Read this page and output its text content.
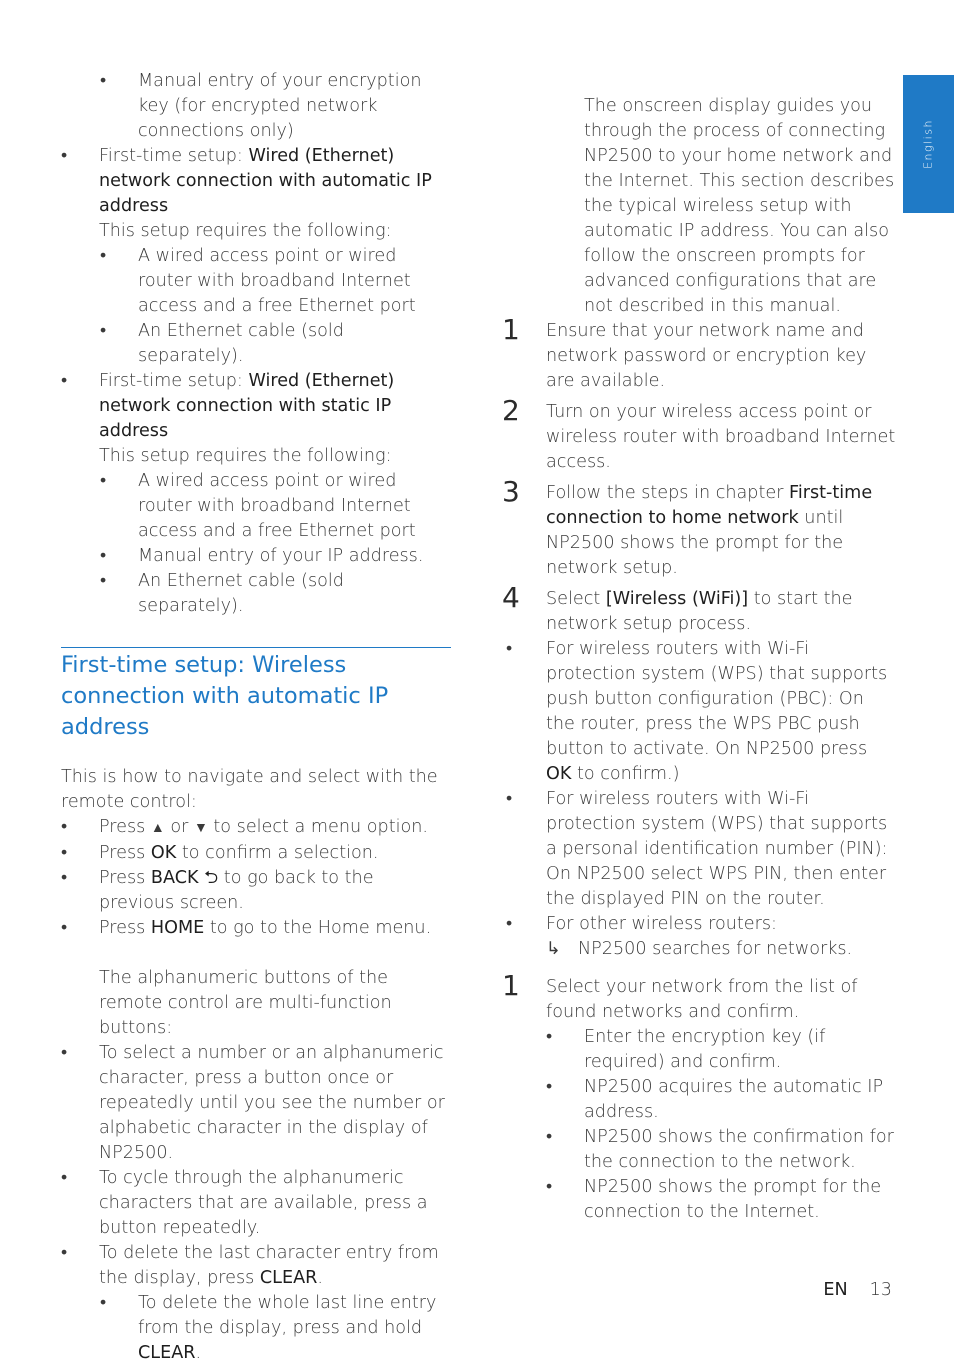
English
•	Manual entry of your encryption key (for encrypted network connections only)
•	First-time setup: Wired (Ethernet) network connection with automatic IP address
This setup requires the following:
•	A wired access point or wired router with broadband Internet access and a free Ethernet port
•	An Ethernet cable (sold separately).
•	First-time setup: Wired (Ethernet) network connection with static IP address
This setup requires the following:
•	A wired access point or wired router with broadband Internet access and a free Ethernet port
•	Manual entry of your IP address.
•	An Ethernet cable (sold separately).
First-time setup: Wireless connection with automatic IP address
This is how to navigate and select with the remote control:
•	Press ▲ or ▼ to select a menu option.
•	Press OK to confirm a selection.
•	Press BACK ⮌ to go back to the previous screen.
•	Press HOME to go to the Home menu.
The alphanumeric buttons of the remote control are multi-function buttons:
•	To select a number or an alphanumeric character, press a button once or repeatedly until you see the number or alphabetic character in the display of NP2500.
•	To cycle through the alphanumeric characters that are available, press a button repeatedly.
•	To delete the last character entry from the display, press CLEAR.
•	To delete the whole last line entry from the display, press and hold CLEAR.
The onscreen display guides you through the process of connecting NP2500 to your home network and the Internet. This section describes the typical wireless setup with automatic IP address. You can also follow the onscreen prompts for advanced configurations that are not described in this manual.
1 Ensure that your network name and network password or encryption key are available.
2 Turn on your wireless access point or wireless router with broadband Internet access.
3 Follow the steps in chapter First-time connection to home network until NP2500 shows the prompt for the network setup.
4 Select [Wireless (WiFi)] to start the network setup process.
•	For wireless routers with Wi-Fi protection system (WPS) that supports push button configuration (PBC): On the router, press the WPS PBC push button to activate. On NP2500 press OK to confirm.)
•	For wireless routers with Wi-Fi protection system (WPS) that supports a personal identification number (PIN): On NP2500 select WPS PIN, then enter the displayed PIN on the router.
•	For other wireless routers:
↳ NP2500 searches for networks.
1 Select your network from the list of found networks and confirm.
•	Enter the encryption key (if required) and confirm.
•	NP2500 acquires the automatic IP address.
•	NP2500 shows the confirmation for the connection to the network.
•	NP2500 shows the prompt for the connection to the Internet.
EN 13
